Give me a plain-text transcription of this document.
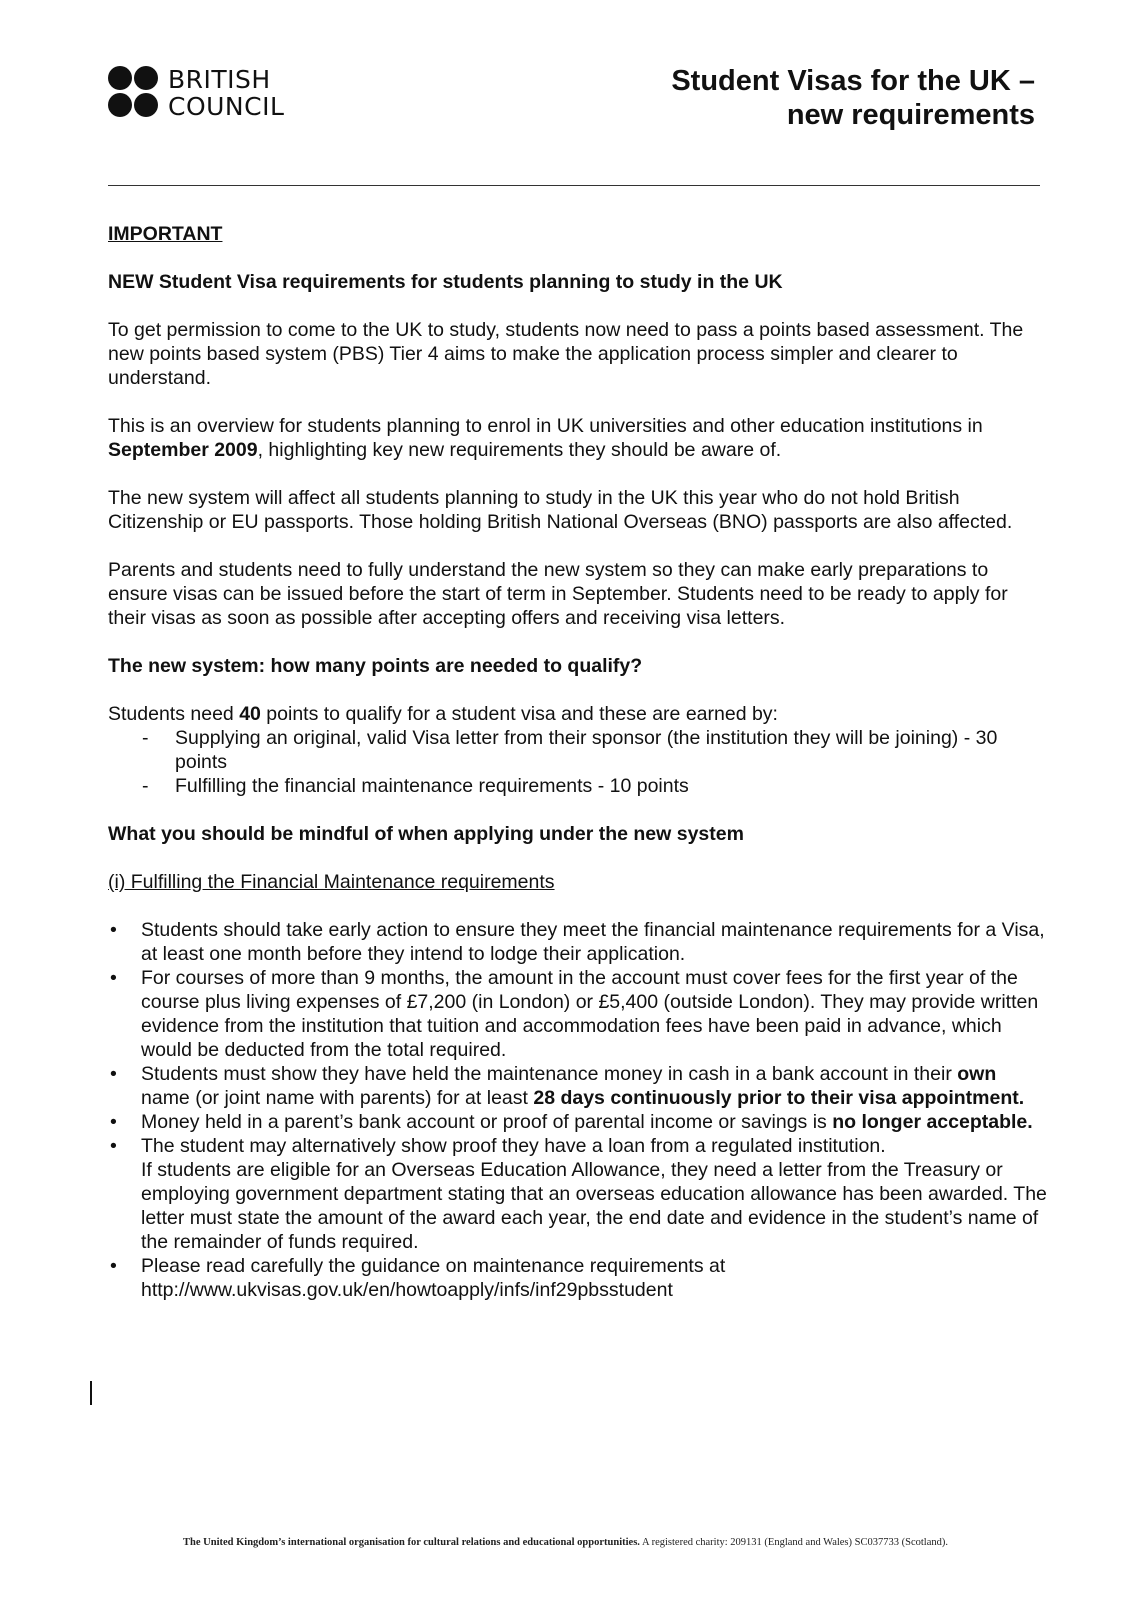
BRITISH
COUNCIL
Student Visas for the UK –
new requirements

IMPORTANT

NEW Student Visa requirements for students planning to study in the UK

To get permission to come to the UK to study, students now need to pass a points based assessment. The new points based system (PBS) Tier 4 aims to make the application process simpler and clearer to understand.

This is an overview for students planning to enrol in UK universities and other education institutions in September 2009, highlighting key new requirements they should be aware of.

The new system will affect all students planning to study in the UK this year who do not hold British Citizenship or EU passports. Those holding British National Overseas (BNO) passports are also affected.

Parents and students need to fully understand the new system so they can make early preparations to ensure visas can be issued before the start of term in September. Students need to be ready to apply for their visas as soon as possible after accepting offers and receiving visa letters.

The new system: how many points are needed to qualify?

Students need 40 points to qualify for a student visa and these are earned by:

- Supplying an original, valid Visa letter from their sponsor (the institution they will be joining) - 30 points
- Fulfilling the financial maintenance requirements - 10 points

What you should be mindful of when applying under the new system

(i) Fulfilling the Financial Maintenance requirements

• Students should take early action to ensure they meet the financial maintenance requirements for a Visa, at least one month before they intend to lodge their application.
• For courses of more than 9 months, the amount in the account must cover fees for the first year of the course plus living expenses of £7,200 (in London) or £5,400 (outside London). They may provide written evidence from the institution that tuition and accommodation fees have been paid in advance, which would be deducted from the total required.
• Students must show they have held the maintenance money in cash in a bank account in their own name (or joint name with parents) for at least 28 days continuously prior to their visa appointment.
• Money held in a parent’s bank account or proof of parental income or savings is no longer acceptable.
• The student may alternatively show proof they have a loan from a regulated institution.
If students are eligible for an Overseas Education Allowance, they need a letter from the Treasury or employing government department stating that an overseas education allowance has been awarded. The letter must state the amount of the award each year, the end date and evidence in the student’s name of the remainder of funds required.
• Please read carefully the guidance on maintenance requirements at
http://www.ukvisas.gov.uk/en/howtoapply/infs/inf29pbsstudent
The United Kingdom’s international organisation for cultural relations and educational opportunities. A registered charity: 209131 (England and Wales) SC037733 (Scotland).
